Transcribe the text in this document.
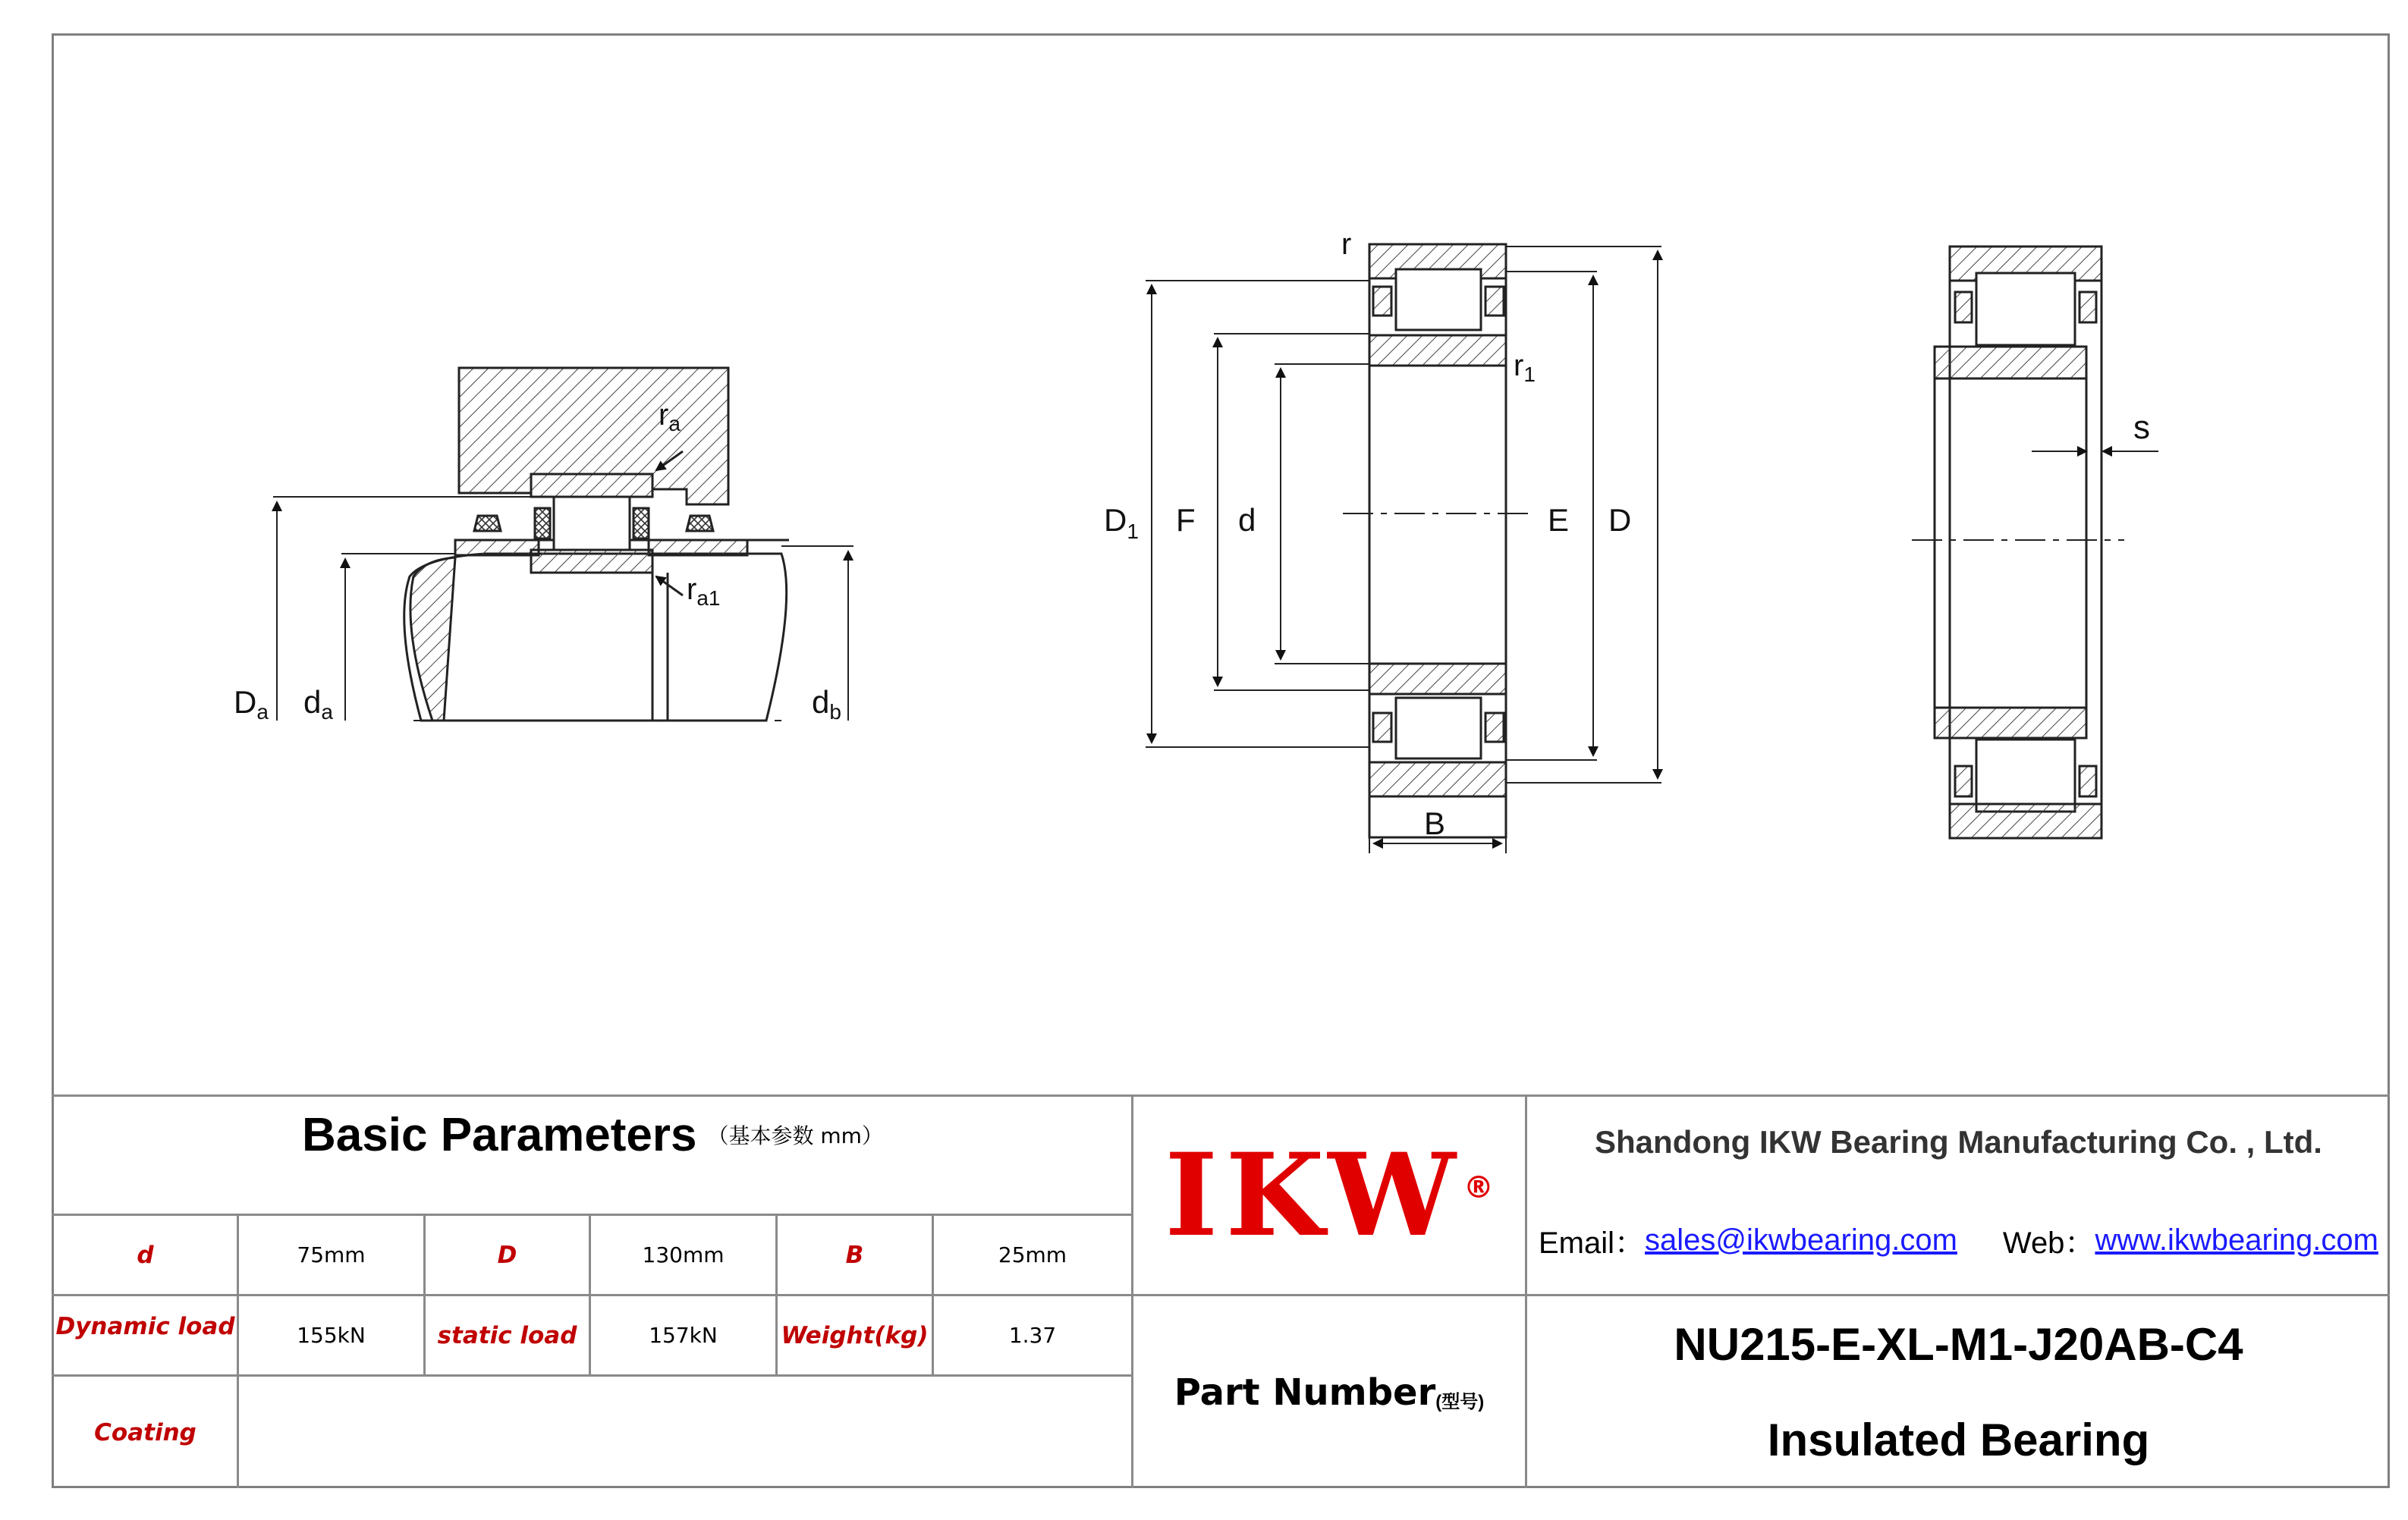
Da da	db
$r_a$
$r_{a1}$
r
$r_1$
$D_1$ F d	E D
B
s
Basic Parameters （基本参数 mm）
d	75mm	D	130mm	B	25mm
Dynamic load	155kN	static load	157kN	Weight(kg)	1.37
Coating
IKW ®
Part Number (型号)
Shandong IKW Bearing Manufacturing Co. , Ltd.
Email： sales@ikwbearing.com Web： www.ikwbearing.com
NU215-E-XL-M1-J20AB-C4
Insulated Bearing
